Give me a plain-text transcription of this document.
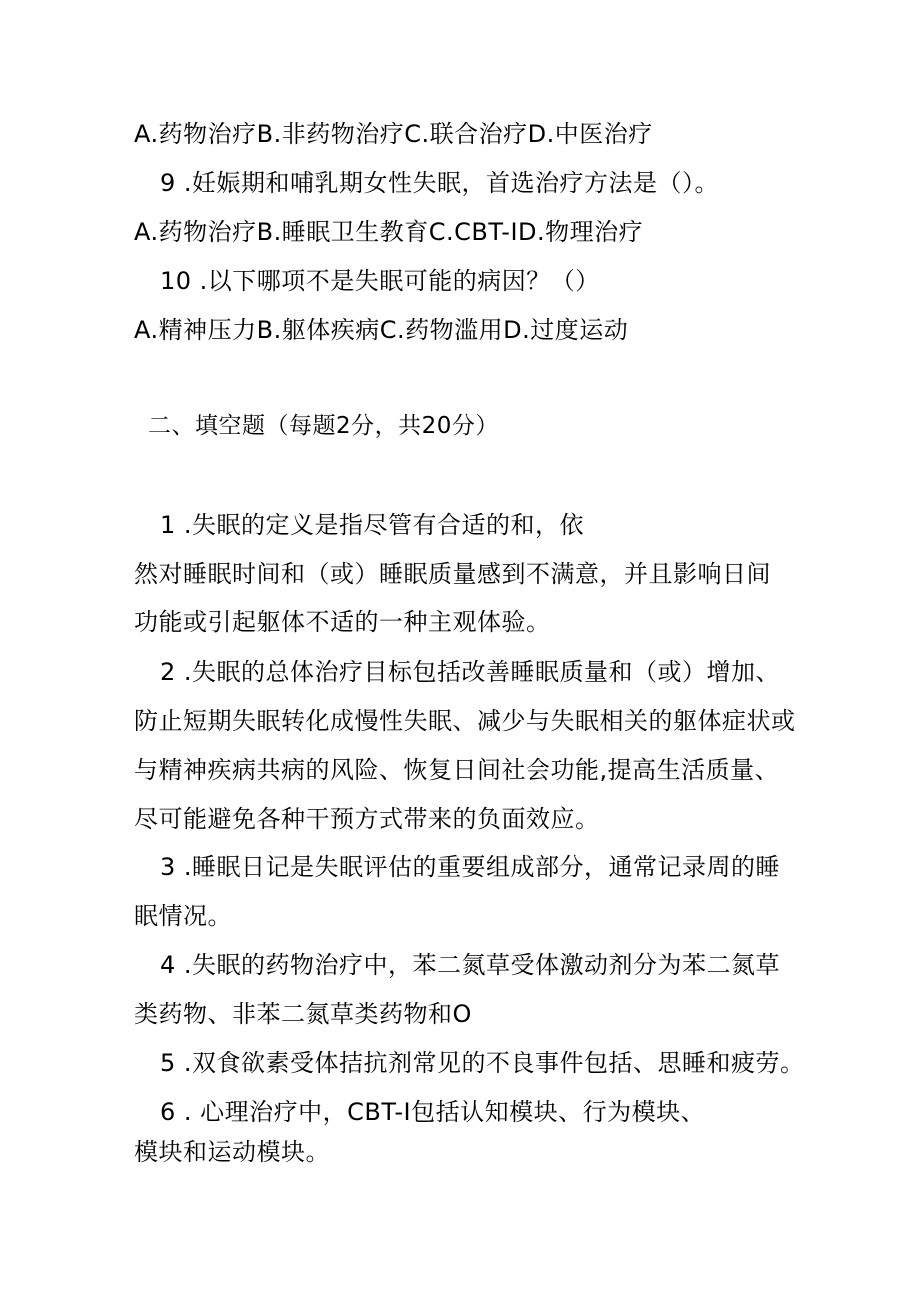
A.药物治疗B.非药物治疗C.联合治疗D.中医治疗
9 .妊娠期和哺乳期女性失眠，首选治疗方法是（）。
A.药物治疗B.睡眠卫生教育C.CBT-ID.物理治疗
10 .以下哪项不是失眠可能的病因？（）
A.精神压力B.躯体疾病C.药物滥用D.过度运动
二、填空题（每题2分，共20分）
1 .失眠的定义是指尽管有合适的和，依
然对睡眠时间和（或）睡眠质量感到不满意，并且影响日间
功能或引起躯体不适的一种主观体验。
2 .失眠的总体治疗目标包括改善睡眠质量和（或）增加、
防止短期失眠转化成慢性失眠、减少与失眠相关的躯体症状或
与精神疾病共病的风险、恢复日间社会功能,提高生活质量、
尽可能避免各种干预方式带来的负面效应。
3 .睡眠日记是失眠评估的重要组成部分，通常记录周的睡
眠情况。
4 .失眠的药物治疗中，苯二氮草受体激动剂分为苯二氮草
类药物、非苯二氮草类药物和O
5 .双食欲素受体拮抗剂常见的不良事件包括、思睡和疲劳。
6 . 心理治疗中，CBT-I包括认知模块、行为模块、
模块和运动模块。
